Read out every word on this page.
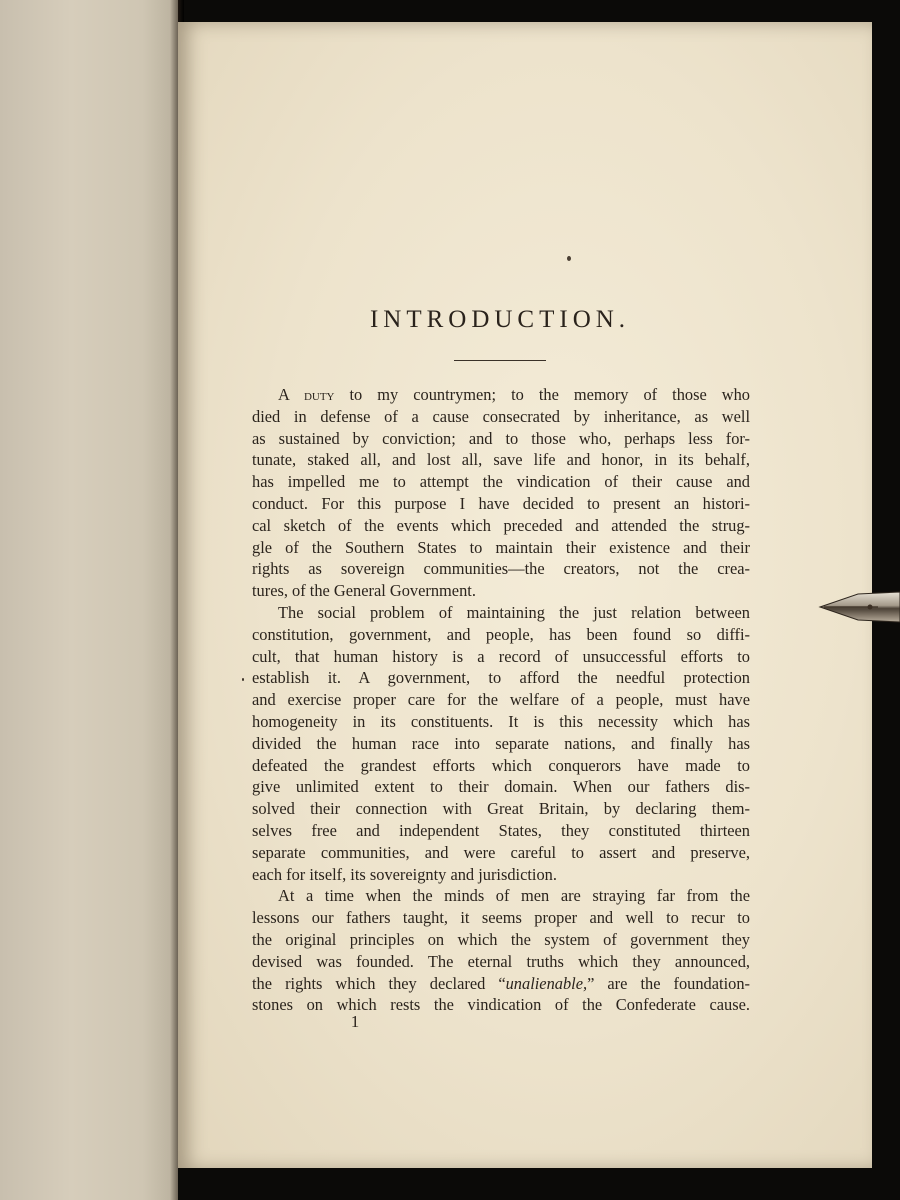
INTRODUCTION.
A duty to my countrymen; to the memory of those who
died in defense of a cause consecrated by inheritance, as well
as sustained by conviction; and to those who, perhaps less for-
tunate, staked all, and lost all, save life and honor, in its behalf,
has impelled me to attempt the vindication of their cause and
conduct. For this purpose I have decided to present an histori-
cal sketch of the events which preceded and attended the strug-
gle of the Southern States to maintain their existence and their
rights as sovereign communities—the creators, not the crea-
tures, of the General Government.
The social problem of maintaining the just relation between
constitution, government, and people, has been found so diffi-
cult, that human history is a record of unsuccessful efforts to
establish it. A government, to afford the needful protection
and exercise proper care for the welfare of a people, must have
homogeneity in its constituents. It is this necessity which has
divided the human race into separate nations, and finally has
defeated the grandest efforts which conquerors have made to
give unlimited extent to their domain. When our fathers dis-
solved their connection with Great Britain, by declaring them-
selves free and independent States, they constituted thirteen
separate communities, and were careful to assert and preserve,
each for itself, its sovereignty and jurisdiction.
At a time when the minds of men are straying far from the
lessons our fathers taught, it seems proper and well to recur to
the original principles on which the system of government they
devised was founded. The eternal truths which they announced,
the rights which they declared “unalienable,” are the foundation-
stones on which rests the vindication of the Confederate cause.
1
